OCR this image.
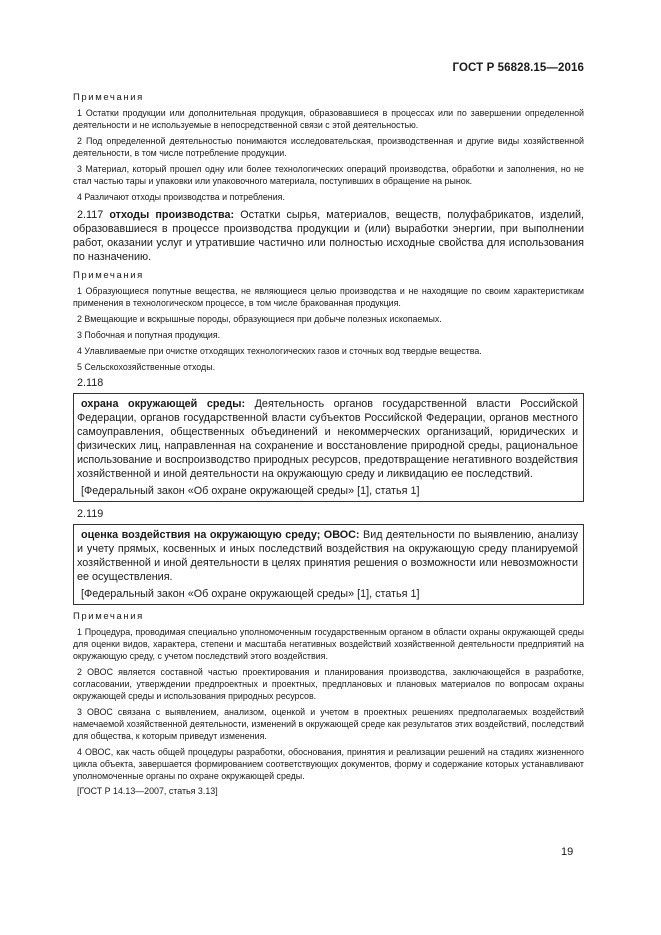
ГОСТ Р 56828.15—2016

Примечания

1 Остатки продукции или дополнительная продукция, образовавшиеся в процессах или по завершении определенной деятельности и не используемые в непосредственной связи с этой деятельностью.

2 Под определенной деятельностью понимаются исследовательская, производственная и другие виды хозяйственной деятельности, в том числе потребление продукции.

3 Материал, который прошел одну или более технологических операций производства, обработки и заполнения, но не стал частью тары и упаковки или упаковочного материала, поступивших в обращение на рынок.

4 Различают отходы производства и потребления.

2.117 отходы производства: Остатки сырья, материалов, веществ, полуфабрикатов, изделий, образовавшиеся в процессе производства продукции и (или) выработки энергии, при выполнении работ, оказании услуг и утратившие частично или полностью исходные свойства для использования по назначению.

Примечания

1 Образующиеся попутные вещества, не являющиеся целью производства и не находящие по своим характеристикам применения в технологическом процессе, в том числе бракованная продукция.

2 Вмещающие и вскрышные породы, образующиеся при добыче полезных ископаемых.

3 Побочная и попутная продукция.

4 Улавливаемые при очистке отходящих технологических газов и сточных вод твердые вещества.

5 Сельскохозяйственные отходы.

2.118

охрана окружающей среды: Деятельность органов государственной власти Российской Федерации, органов государственной власти субъектов Российской Федерации, органов местного самоуправления, общественных объединений и некоммерческих организаций, юридических и физических лиц, направленная на сохранение и восстановление природной среды, рациональное использование и воспроизводство природных ресурсов, предотвращение негативного воздействия хозяйственной и иной деятельности на окружающую среду и ликвидацию ее последствий.

[Федеральный закон «Об охране окружающей среды» [1], статья 1]

2.119

оценка воздействия на окружающую среду; ОВОС: Вид деятельности по выявлению, анализу и учету прямых, косвенных и иных последствий воздействия на окружающую среду планируемой хозяйственной и иной деятельности в целях принятия решения о возможности или невозможности ее осуществления.

[Федеральный закон «Об охране окружающей среды» [1], статья 1]

Примечания

1 Процедура, проводимая специально уполномоченным государственным органом в области охраны окружающей среды для оценки видов, характера, степени и масштаба негативных воздействий хозяйственной деятельности предприятий на окружающую среду, с учетом последствий этого воздействия.

2 ОВОС является составной частью проектирования и планирования производства, заключающейся в разработке, согласовании, утверждении предпроектных и проектных, предплановых и плановых материалов по вопросам охраны окружающей среды и использования природных ресурсов.

3 ОВОС связана с выявлением, анализом, оценкой и учетом в проектных решениях предполагаемых воздействий намечаемой хозяйственной деятельности, изменений в окружающей среде как результатов этих воздействий, последствий для общества, к которым приведут изменения.

4 ОВОС, как часть общей процедуры разработки, обоснования, принятия и реализации решений на стадиях жизненного цикла объекта, завершается формированием соответствующих документов, форму и содержание которых устанавливают уполномоченные органы по охране окружающей среды.

[ГОСТ Р 14.13—2007, статья 3.13]

19
